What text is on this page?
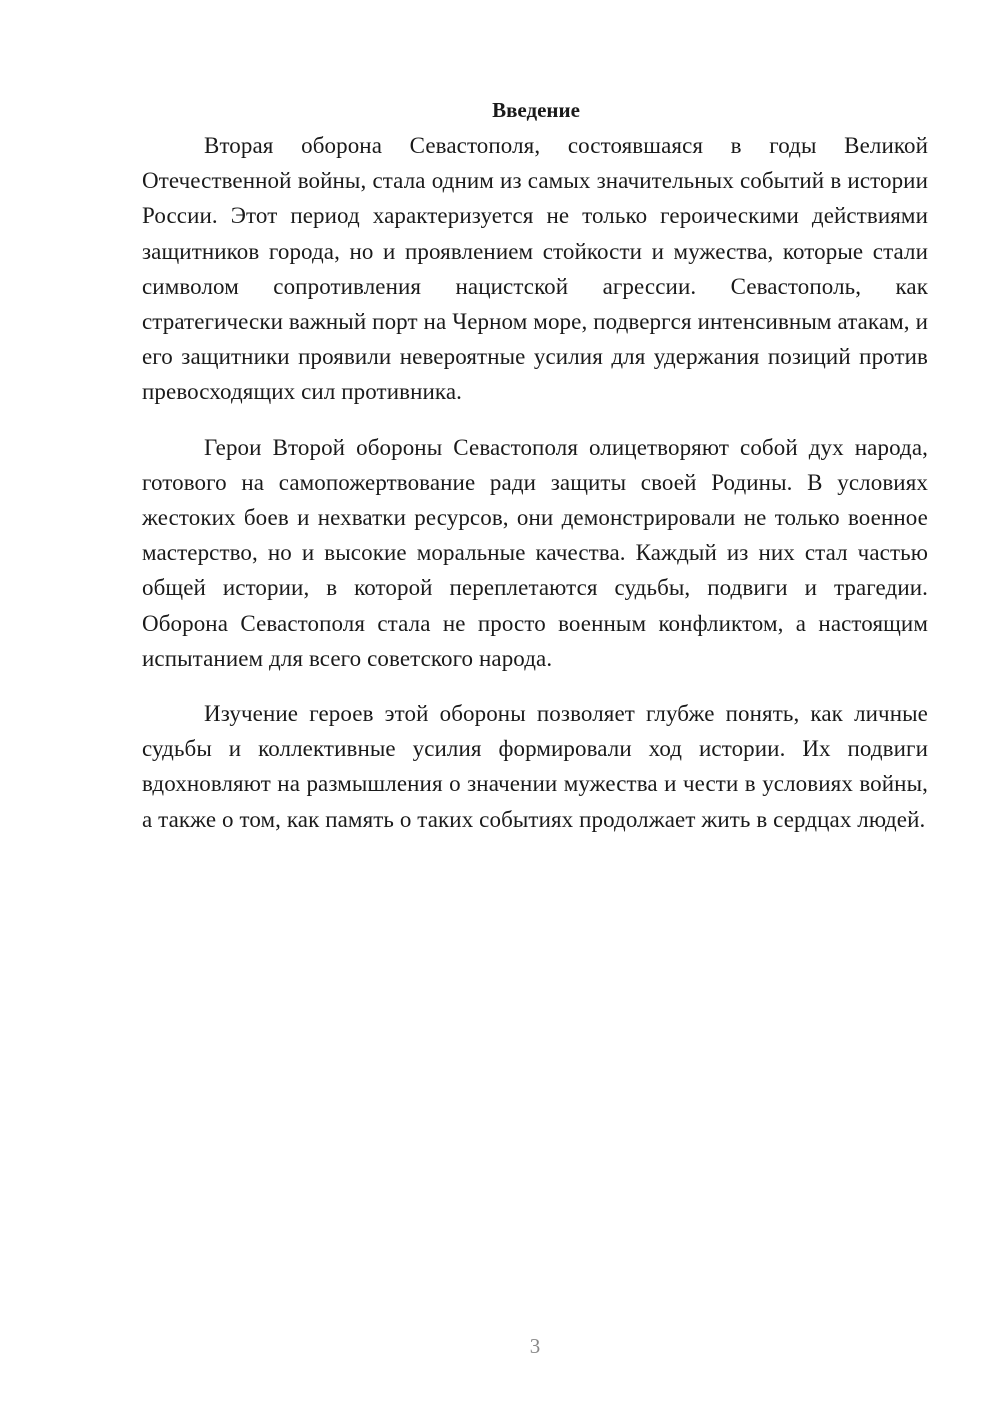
Введение

Вторая оборона Севастополя, состоявшаяся в годы Великой Отечественной войны, стала одним из самых значительных событий в истории России. Этот период характеризуется не только героическими действиями защитников города, но и проявлением стойкости и мужества, которые стали символом сопротивления нацистской агрессии. Севастополь, как стратегически важный порт на Черном море, подвергся интенсивным атакам, и его защитники проявили невероятные усилия для удержания позиций против превосходящих сил противника.

Герои Второй обороны Севастополя олицетворяют собой дух народа, готового на самопожертвование ради защиты своей Родины. В условиях жестоких боев и нехватки ресурсов, они демонстрировали не только военное мастерство, но и высокие моральные качества. Каждый из них стал частью общей истории, в которой переплетаются судьбы, подвиги и трагедии. Оборона Севастополя стала не просто военным конфликтом, а настоящим испытанием для всего советского народа.

Изучение героев этой обороны позволяет глубже понять, как личные судьбы и коллективные усилия формировали ход истории. Их подвиги вдохновляют на размышления о значении мужества и чести в условиях войны, а также о том, как память о таких событиях продолжает жить в сердцах людей.

3
